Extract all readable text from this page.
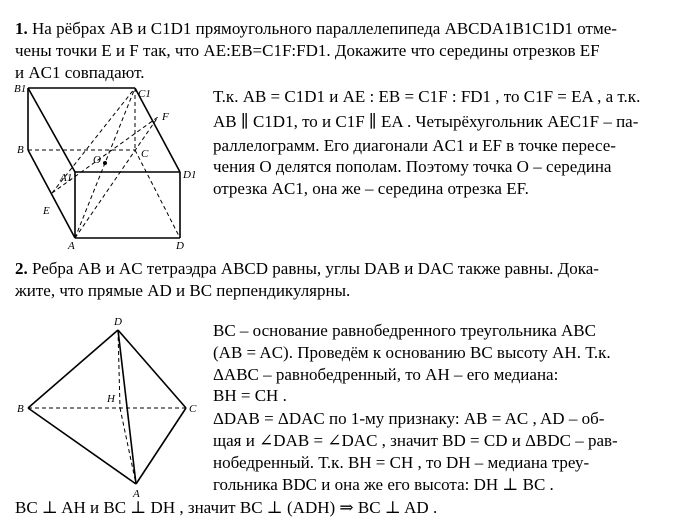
1. На рёбрах AB и C1D1 прямоугольного параллелепипеда ABCDA1B1C1D1 отме-
чены точки E и F так, что AE:EB=C1F:FD1. Докажите что середины отрезков EF
и AC1 совпадают.
B1	C1
F
B	C
O
A1	D1
E
A	D
Т.к. AB = C1D1 и AE : EB = C1F : FD1 , то C1F = EA , а т.к.
AB ∥ C1D1, то и C1F ∥ EA . Четырёхугольник AEC1F – па-
раллелограмм. Его диагонали AC1 и EF в точке пересе-
чения O делятся пополам. Поэтому точка O – середина
отрезка AC1, она же – середина отрезка EF.
2. Ребра AB и AC тетраэдра ABCD равны, углы DAB и DAC также равны. Дока-
жите, что прямые AD и BC перпендикулярны.
D
B	C
H
A
BC – основание равнобедренного треугольника ABC
(AB = AC). Проведём к основанию BC высоту AH. Т.к.
ΔABC – равнобедренный, то AH – его медиана:
BH = CH .
ΔDAB = ΔDAC по 1-му признаку: AB = AC , AD – об-
щая и ∠DAB = ∠DAC , значит BD = CD и ΔBDC – рав-
нобедренный. Т.к. BH = CH , то DH – медиана треу-
гольника BDC и она же его высота: DH ⊥ BC .
BC ⊥ AH и BC ⊥ DH , значит BC ⊥ (ADH) ⇒ BC ⊥ AD .
